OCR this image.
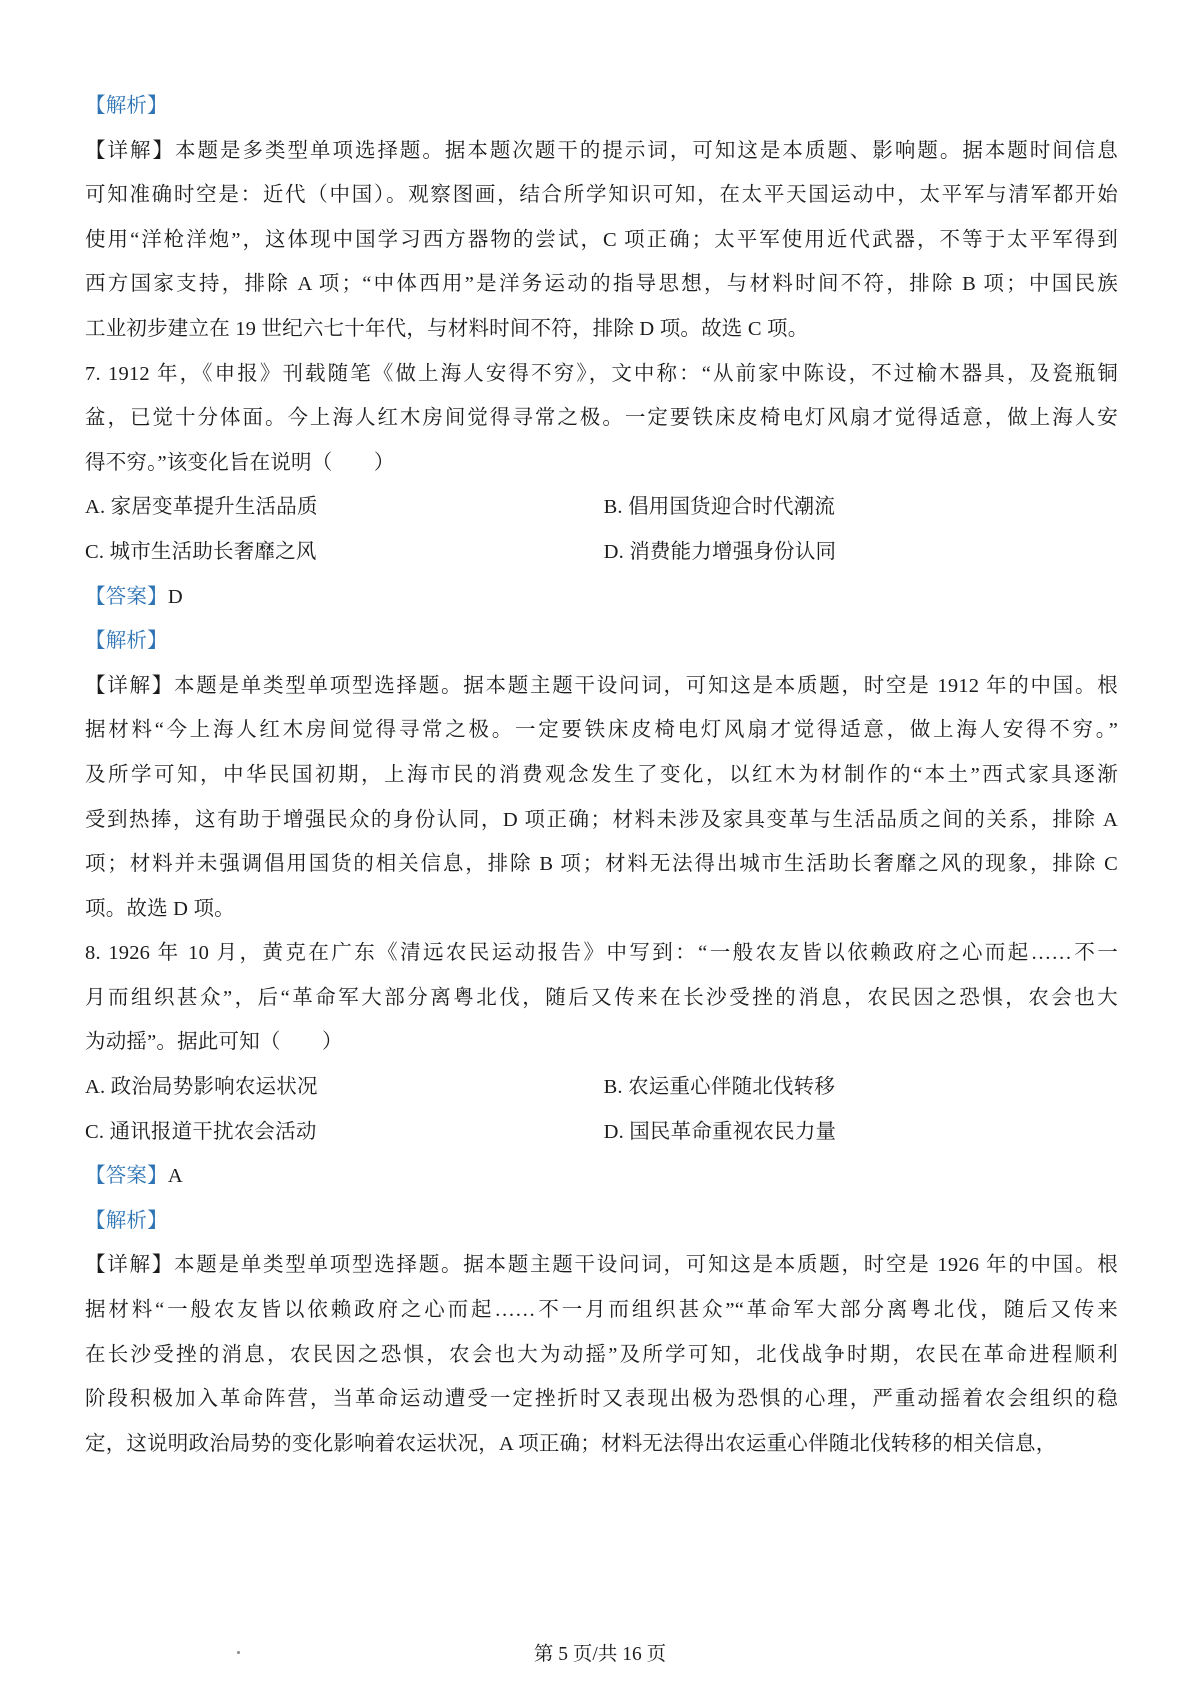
【解析】
【详解】本题是多类型单项选择题。据本题次题干的提示词，可知这是本质题、影响题。据本题时间信息
可知准确时空是：近代（中国）。观察图画，结合所学知识可知，在太平天国运动中，太平军与清军都开始
使用“洋枪洋炮”，这体现中国学习西方器物的尝试，C 项正确；太平军使用近代武器，不等于太平军得到
西方国家支持，排除 A 项；“中体西用”是洋务运动的指导思想，与材料时间不符，排除 B 项；中国民族
工业初步建立在 19 世纪六七十年代，与材料时间不符，排除 D 项。故选 C 项。
7. 1912 年，《申报》刊载随笔《做上海人安得不穷》，文中称：“从前家中陈设，不过榆木器具，及瓷瓶铜
盆，已觉十分体面。今上海人红木房间觉得寻常之极。一定要铁床皮椅电灯风扇才觉得适意，做上海人安
得不穷。”该变化旨在说明（　　）
A. 家居变革提升生活品质	B. 倡用国货迎合时代潮流
C. 城市生活助长奢靡之风	D. 消费能力增强身份认同
【答案】D
【解析】
【详解】本题是单类型单项型选择题。据本题主题干设问词，可知这是本质题，时空是 1912 年的中国。根
据材料“今上海人红木房间觉得寻常之极。一定要铁床皮椅电灯风扇才觉得适意，做上海人安得不穷。”
及所学可知，中华民国初期，上海市民的消费观念发生了变化，以红木为材制作的“本土”西式家具逐渐
受到热捧，这有助于增强民众的身份认同，D 项正确；材料未涉及家具变革与生活品质之间的关系，排除 A
项；材料并未强调倡用国货的相关信息，排除 B 项；材料无法得出城市生活助长奢靡之风的现象，排除 C
项。故选 D 项。
8. 1926 年 10 月，黄克在广东《清远农民运动报告》中写到：“一般农友皆以依赖政府之心而起……不一
月而组织甚众”，后“革命军大部分离粤北伐，随后又传来在长沙受挫的消息，农民因之恐惧，农会也大
为动摇”。据此可知（　　）
A. 政治局势影响农运状况	B. 农运重心伴随北伐转移
C. 通讯报道干扰农会活动	D. 国民革命重视农民力量
【答案】A
【解析】
【详解】本题是单类型单项型选择题。据本题主题干设问词，可知这是本质题，时空是 1926 年的中国。根
据材料“一般农友皆以依赖政府之心而起……不一月而组织甚众”“革命军大部分离粤北伐，随后又传来
在长沙受挫的消息，农民因之恐惧，农会也大为动摇”及所学可知，北伐战争时期，农民在革命进程顺利
阶段积极加入革命阵营，当革命运动遭受一定挫折时又表现出极为恐惧的心理，严重动摇着农会组织的稳
定，这说明政治局势的变化影响着农运状况，A 项正确；材料无法得出农运重心伴随北伐转移的相关信息，
第 5 页/共 16 页
